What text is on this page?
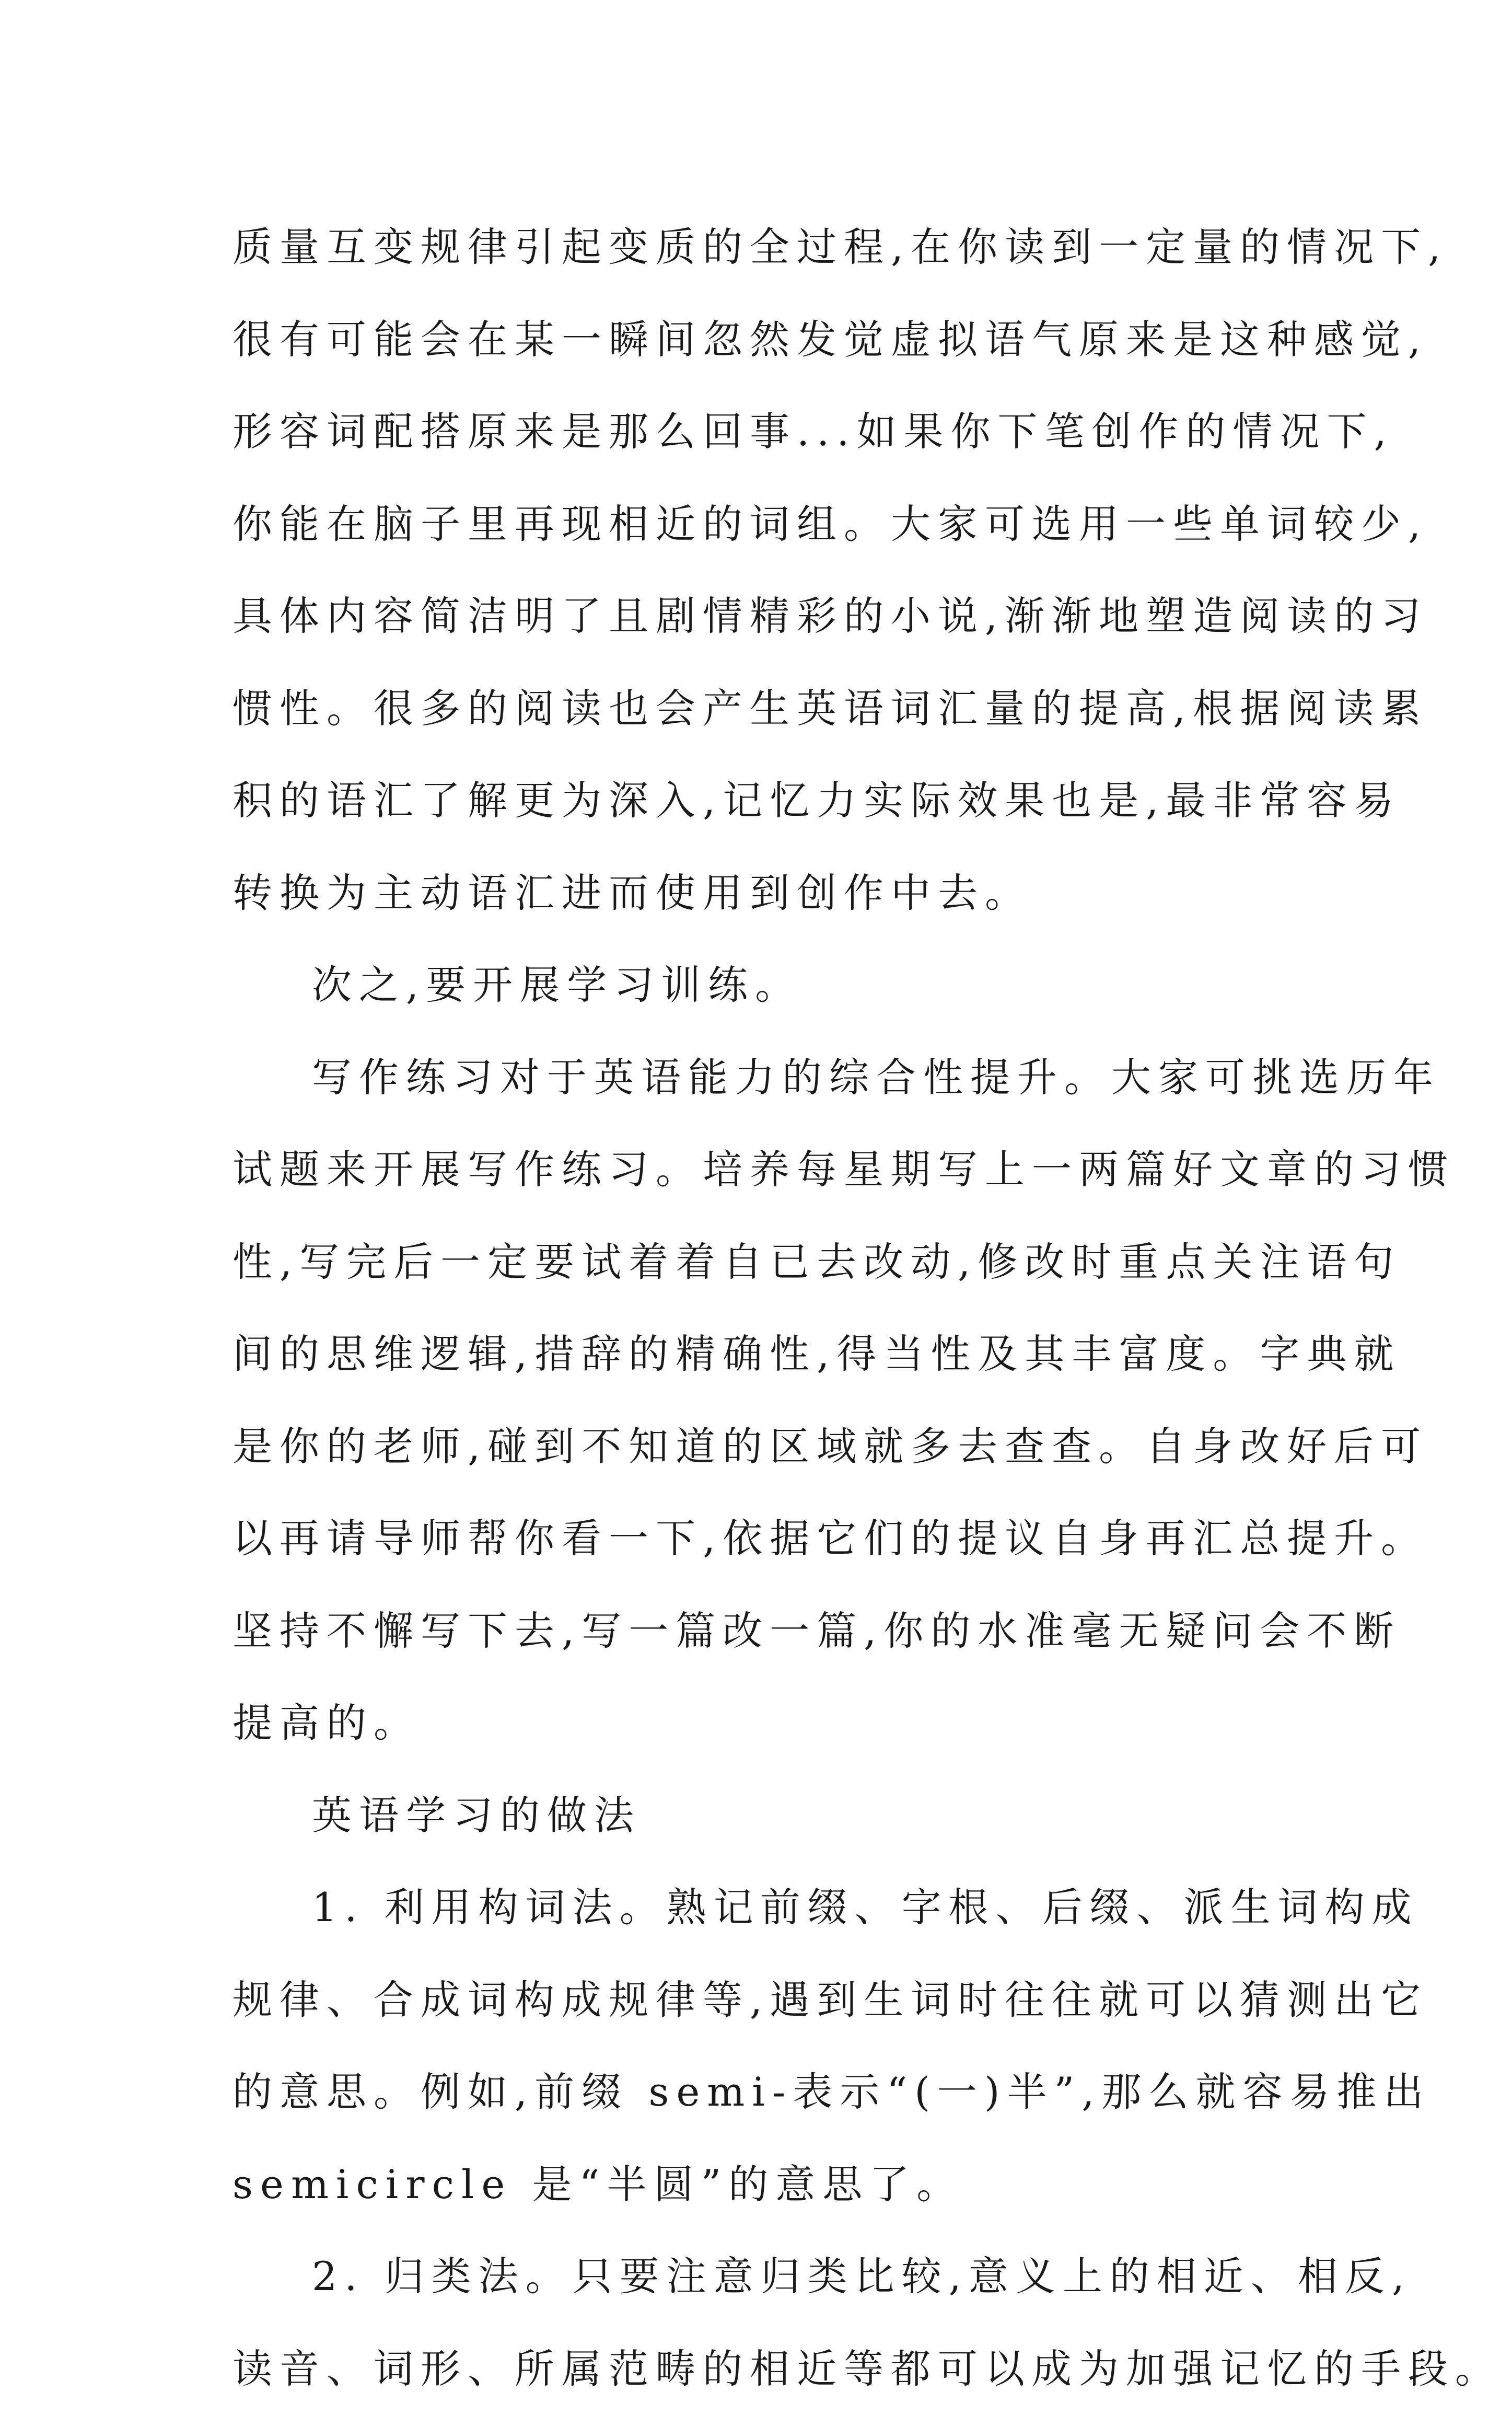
质量互变规律引起变质的全过程,在你读到一定量的情况下,
很有可能会在某一瞬间忽然发觉虚拟语气原来是这种感觉,
形容词配搭原来是那么回事...如果你下笔创作的情况下,
你能在脑子里再现相近的词组。大家可选用一些单词较少,
具体内容简洁明了且剧情精彩的小说,渐渐地塑造阅读的习
惯性。很多的阅读也会产生英语词汇量的提高,根据阅读累
积的语汇了解更为深入,记忆力实际效果也是,最非常容易
转换为主动语汇进而使用到创作中去。
次之,要开展学习训练。
写作练习对于英语能力的综合性提升。大家可挑选历年
试题来开展写作练习。培养每星期写上一两篇好文章的习惯
性,写完后一定要试着着自已去改动,修改时重点关注语句
间的思维逻辑,措辞的精确性,得当性及其丰富度。字典就
是你的老师,碰到不知道的区域就多去查查。自身改好后可
以再请导师帮你看一下,依据它们的提议自身再汇总提升。
坚持不懈写下去,写一篇改一篇,你的水准毫无疑问会不断
提高的。
英语学习的做法
1. 利用构词法。熟记前缀、字根、后缀、派生词构成
规律、合成词构成规律等,遇到生词时往往就可以猜测出它
的意思。例如,前缀 semi-表示“(一)半”,那么就容易推出
semicircle 是“半圆”的意思了。
2. 归类法。只要注意归类比较,意义上的相近、相反,
读音、词形、所属范畴的相近等都可以成为加强记忆的手段。
